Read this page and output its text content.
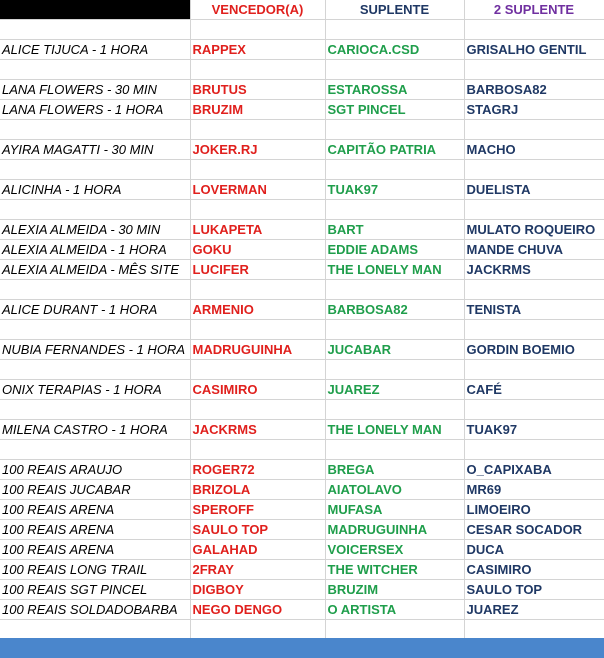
	VENCEDOR(A)	SUPLENTE	2 SUPLENTE

ALICE TIJUCA - 1 HORA	RAPPEX	CARIOCA.CSD	GRISALHO GENTIL

LANA FLOWERS - 30 MIN	BRUTUS	ESTAROSSA	BARBOSA82
LANA FLOWERS - 1 HORA	BRUZIM	SGT PINCEL	STAGRJ

AYIRA MAGATTI - 30 MIN	JOKER.RJ	CAPITÃO PATRIA	MACHO

ALICINHA - 1 HORA	LOVERMAN	TUAK97	DUELISTA

ALEXIA ALMEIDA - 30 MIN	LUKAPETA	BART	MULATO ROQUEIRO
ALEXIA ALMEIDA - 1 HORA	GOKU	EDDIE ADAMS	MANDE CHUVA
ALEXIA ALMEIDA - MÊS SITE	LUCIFER	THE LONELY MAN	JACKRMS

ALICE DURANT - 1 HORA	ARMENIO	BARBOSA82	TENISTA

NUBIA FERNANDES - 1 HORA	MADRUGUINHA	JUCABAR	GORDIN BOEMIO

ONIX TERAPIAS - 1 HORA	CASIMIRO	JUAREZ	CAFÉ

MILENA CASTRO - 1 HORA	JACKRMS	THE LONELY MAN	TUAK97

100 REAIS ARAUJO	ROGER72	BREGA	O_CAPIXABA
100 REAIS JUCABAR	BRIZOLA	AIATOLAVO	MR69
100 REAIS ARENA	SPEROFF	MUFASA	LIMOEIRO
100 REAIS ARENA	SAULO TOP	MADRUGUINHA	CESAR SOCADOR
100 REAIS ARENA	GALAHAD	VOICERSEX	DUCA
100 REAIS LONG TRAIL	2FRAY	THE WITCHER	CASIMIRO
100 REAIS SGT PINCEL	DIGBOY	BRUZIM	SAULO TOP
100 REAIS SOLDADOBARBA	NEGO DENGO	O ARTISTA	JUAREZ
